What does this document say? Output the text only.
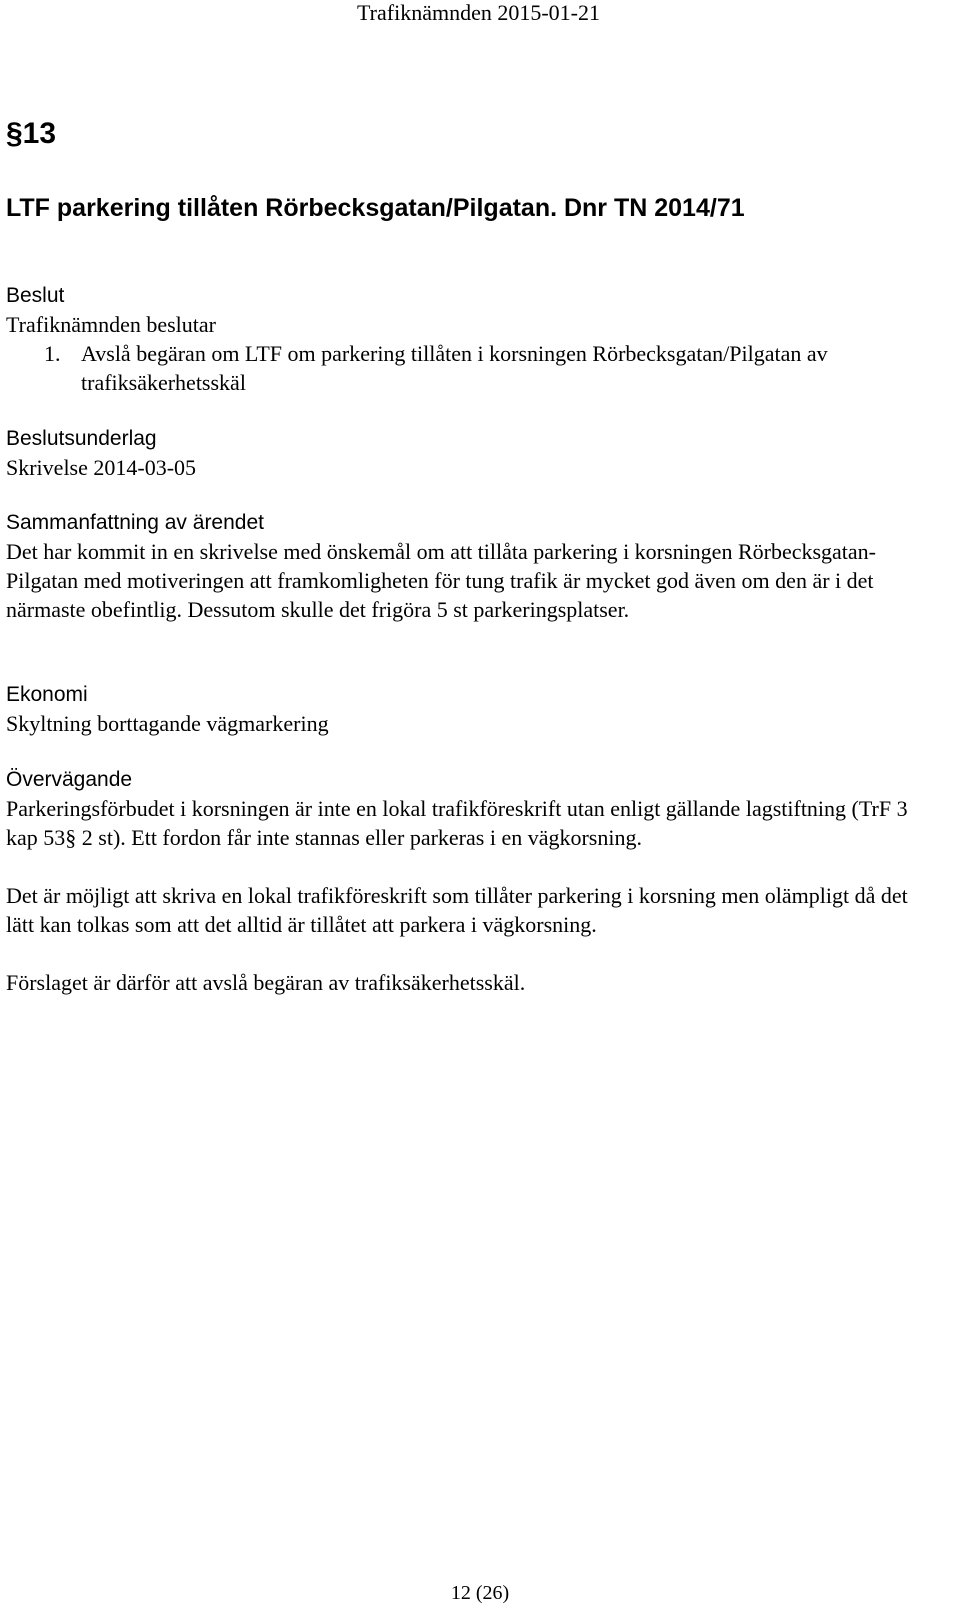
Trafiknämnden 2015-01-21
§13
LTF parkering tillåten Rörbecksgatan/Pilgatan. Dnr TN 2014/71
Beslut
Trafiknämnden beslutar
1. Avslå begäran om LTF om parkering tillåten i korsningen Rörbecksgatan/Pilgatan av trafiksäkerhetsskäl
Beslutsunderlag
Skrivelse 2014-03-05
Sammanfattning av ärendet

Det har kommit in en skrivelse med önskemål om att tillåta parkering i korsningen Rörbecksgatan-Pilgatan med motiveringen att framkomligheten för tung trafik är mycket god även om den är i det närmaste obefintlig. Dessutom skulle det frigöra 5 st parkeringsplatser.

Ekonomi
Skyltning borttagande vägmarkering
Övervägande

Parkeringsförbudet i korsningen är inte en lokal trafikföreskrift utan enligt gällande lagstiftning (TrF 3 kap 53§ 2 st). Ett fordon får inte stannas eller parkeras i en vägkorsning.

Det är möjligt att skriva en lokal trafikföreskrift som tillåter parkering i korsning men olämpligt då det lätt kan tolkas som att det alltid är tillåtet att parkera i vägkorsning.

Förslaget är därför att avslå begäran av trafiksäkerhetsskäl.

12 (26)
